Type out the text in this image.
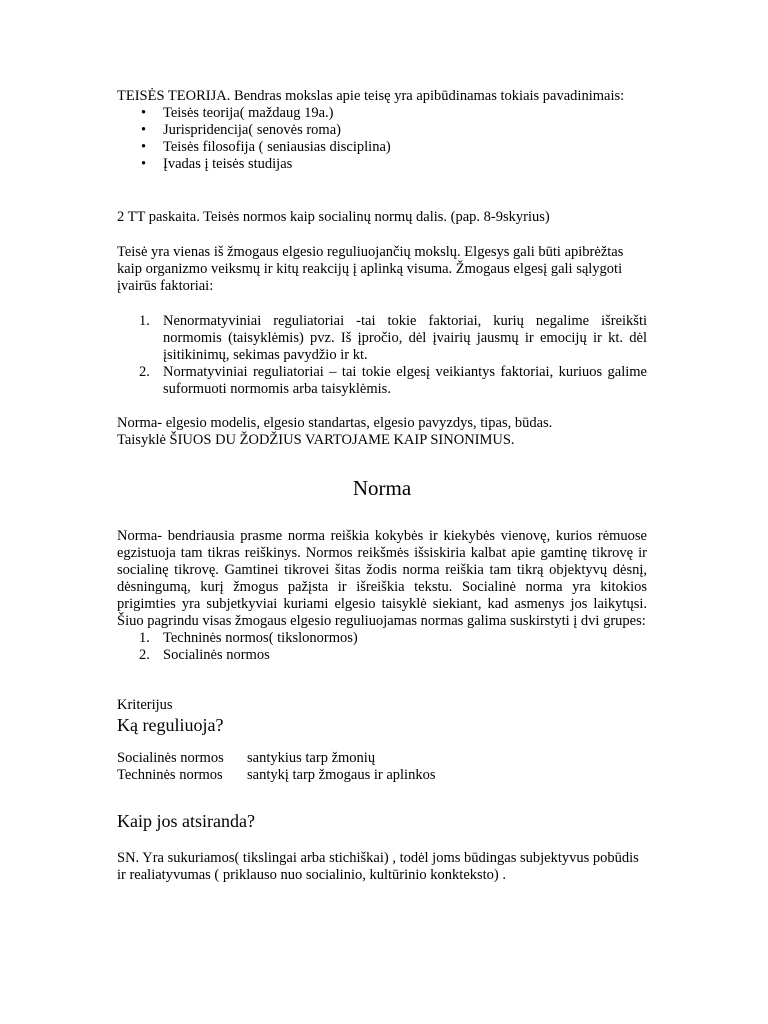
TEISĖS TEORIJA. Bendras mokslas apie teisę yra apibūdinamas tokiais pavadinimais:

• Teisės teorija( maždaug 19a.)
• Jurispridencija( senovės roma)
• Teisės filosofija ( seniausias disciplina)
• Įvadas į teisės studijas

2 TT paskaita. Teisės normos kaip socialinų normų dalis. (pap. 8-9skyrius)

Teisė yra vienas iš žmogaus elgesio reguliuojančių mokslų. Elgesys gali būti apibrėžtas kaip organizmo veiksmų ir kitų reakcijų į aplinką visuma. Žmogaus elgesį gali sąlygoti įvairūs faktoriai:

1. Nenormatyviniai reguliatoriai -tai tokie faktoriai, kurių negalime išreikšti normomis (taisyklėmis) pvz. Iš įpročio, dėl įvairių jausmų ir emocijų ir kt. dėl įsitikinimų, sekimas pavydžio ir kt.
2. Normatyviniai reguliatoriai – tai tokie elgesį veikiantys faktoriai, kuriuos galime suformuoti normomis arba taisyklėmis.

Norma- elgesio modelis, elgesio standartas, elgesio pavyzdys, tipas, būdas.

Taisyklė ŠIUOS DU ŽODŽIUS VARTOJAME KAIP SINONIMUS.

Norma

Norma- bendriausia prasme norma reiškia kokybės ir kiekybės vienovę, kurios rėmuose egzistuoja tam tikras reiškinys. Normos reikšmės išsiskiria kalbat apie gamtinę tikrovę ir socialinę tikrovę. Gamtinei tikrovei šitas žodis norma reiškia tam tikrą objektyvų dėsnį, dėsningumą, kurį žmogus pažįsta ir išreiškia tekstu. Socialinė norma yra kitokios prigimties yra subjetkyviai kuriami elgesio taisyklė siekiant, kad asmenys jos laikytųsi. Šiuo pagrindu visas žmogaus elgesio reguliuojamas normas galima suskirstyti į dvi grupes:

1. Techninės normos( tikslonormos)
2. Socialinės normos

Kriterijus

Ką reguliuoja?

Socialinės normos	santykius tarp žmonių
Techninės normos	santykį tarp žmogaus ir aplinkos

Kaip jos atsiranda?

SN. Yra sukuriamos( tikslingai arba stichiškai) , todėl joms būdingas subjektyvus pobūdis ir realiatyvumas ( priklauso nuo socialinio, kultūrinio konkteksto) .
